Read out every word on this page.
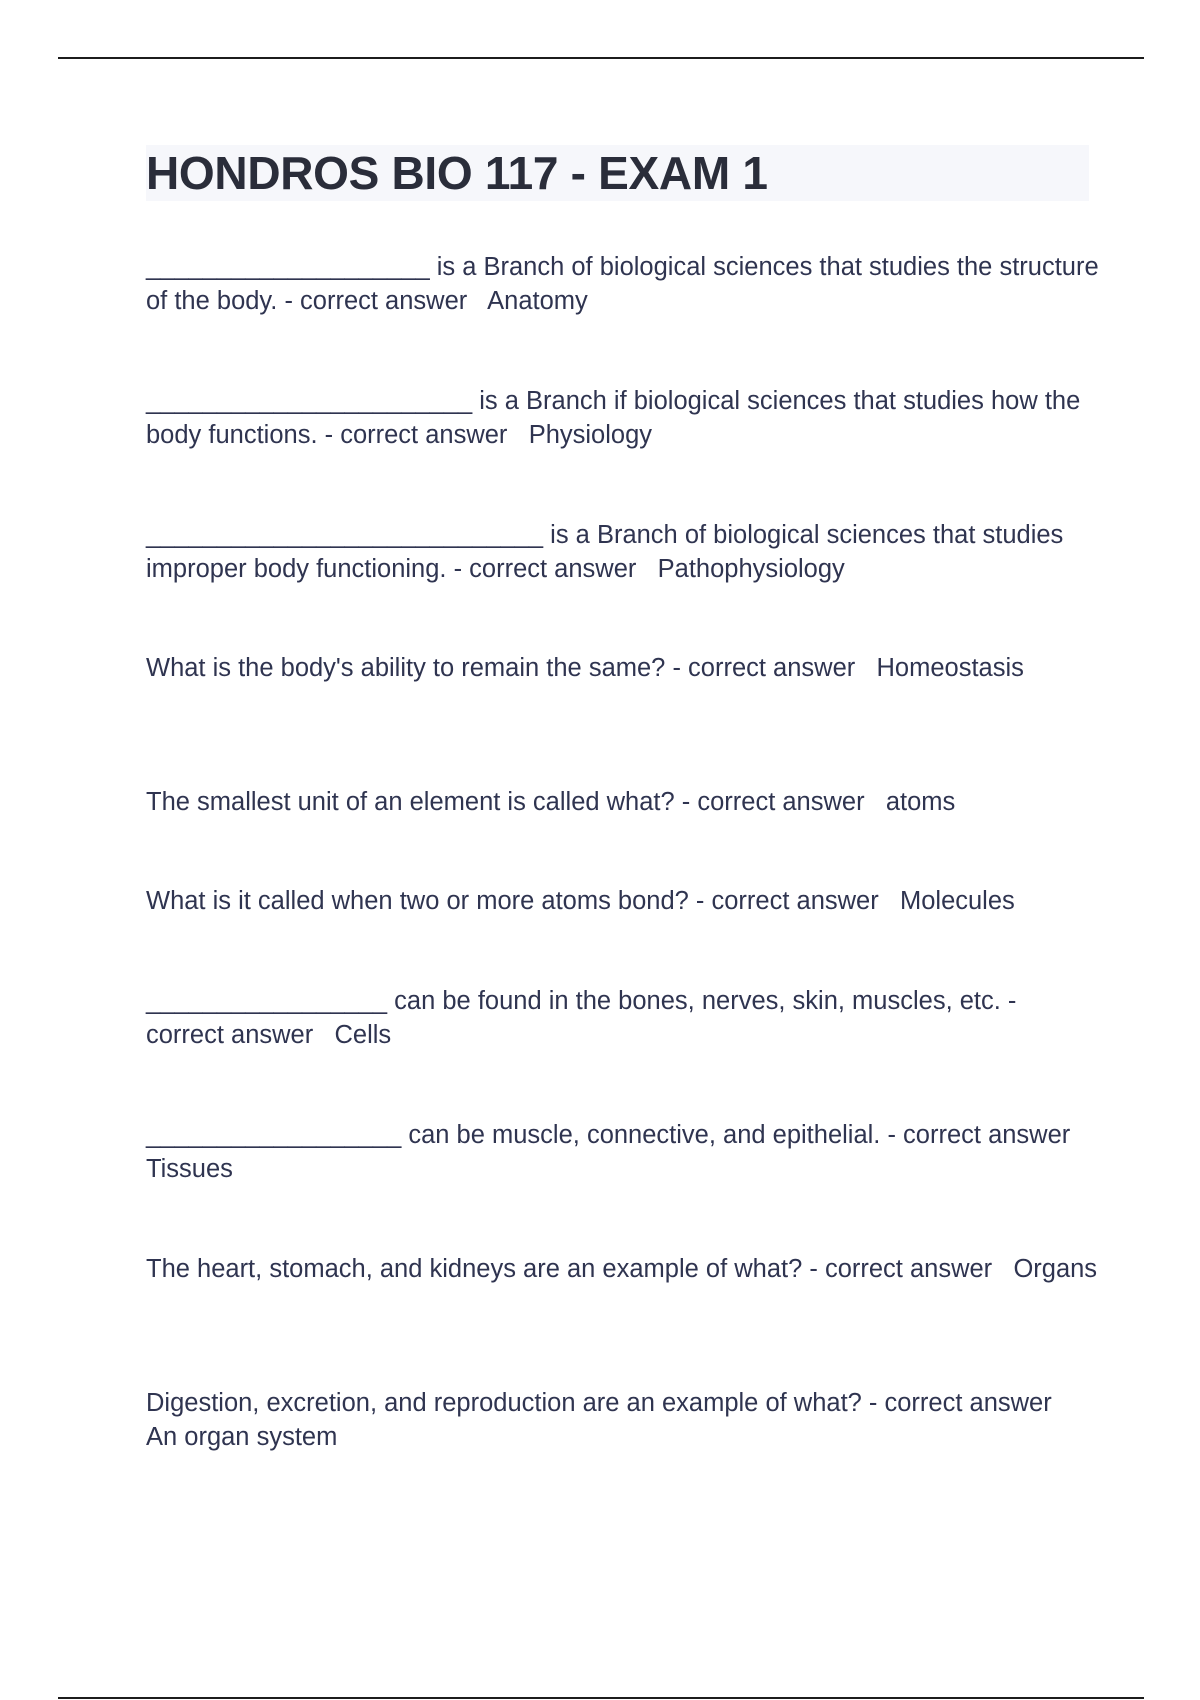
HONDROS BIO 117 - EXAM 1
____________________ is a Branch of biological sciences that studies the structure of the body. - correct answer Anatomy
_______________________ is a Branch if biological sciences that studies how the body functions. - correct answer Physiology
____________________________ is a Branch of biological sciences that studies improper body functioning. - correct answer Pathophysiology
What is the body's ability to remain the same? - correct answer Homeostasis
The smallest unit of an element is called what? - correct answer atoms
What is it called when two or more atoms bond? - correct answer Molecules
_________________ can be found in the bones, nerves, skin, muscles, etc. - correct answer Cells
__________________ can be muscle, connective, and epithelial. - correct answer   Tissues
The heart, stomach, and kidneys are an example of what? - correct answer Organs
Digestion, excretion, and reproduction are an example of what? - correct answer   An organ system
